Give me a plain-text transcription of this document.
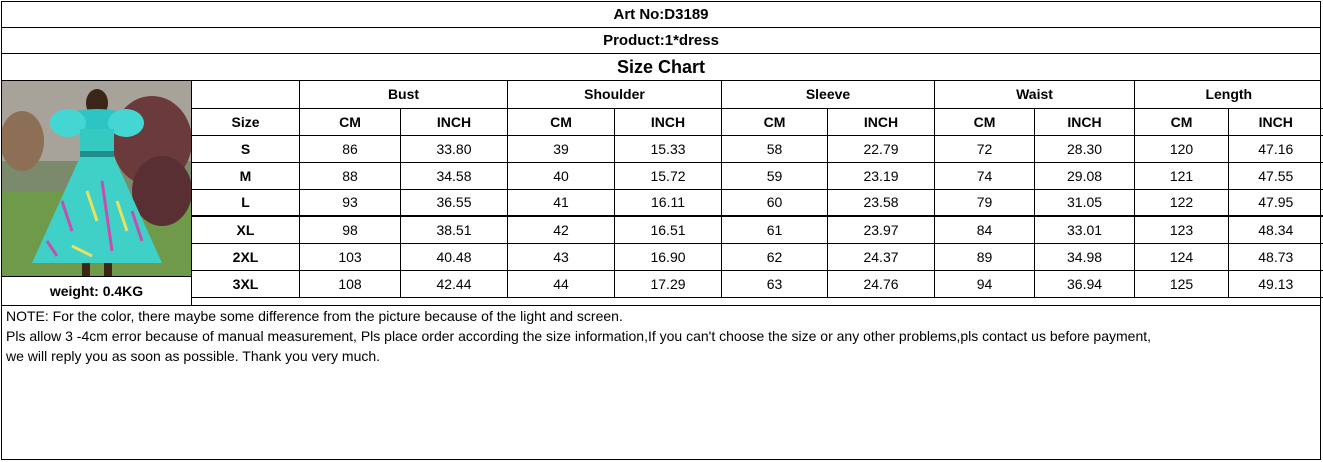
Art No:D3189
Product:1*dress
Size Chart
weight: 0.4KG
	Bust		Shoulder		Sleeve		Waist		Length	
Size	CM	INCH	CM	INCH	CM	INCH	CM	INCH	CM	INCH
S	86	33.80	39	15.33	58	22.79	72	28.30	120	47.16
M	88	34.58	40	15.72	59	23.19	74	29.08	121	47.55
L	93	36.55	41	16.11	60	23.58	79	31.05	122	47.95
XL	98	38.51	42	16.51	61	23.97	84	33.01	123	48.34
2XL	103	40.48	43	16.90	62	24.37	89	34.98	124	48.73
3XL	108	42.44	44	17.29	63	24.76	94	36.94	125	49.13

NOTE: For the color, there maybe some difference from the picture because of the light and screen.

Pls allow 3 -4cm error because of manual measurement, Pls place order according the size information,If you can't choose the size or any other problems,pls contact us before payment,

we will reply you as soon as possible. Thank you very much.
